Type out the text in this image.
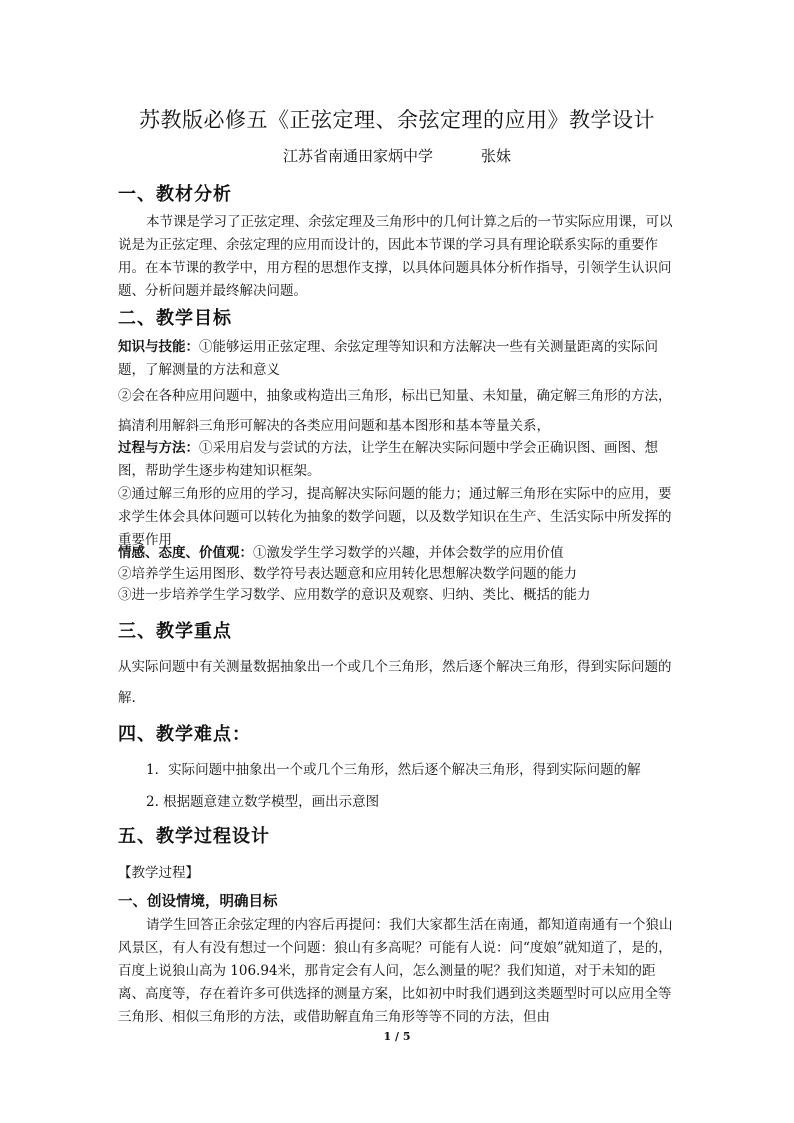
苏教版必修五《正弦定理、余弦定理的应用》教学设计
江苏省南通田家炳中学	张妹
一、教材分析

本节课是学习了正弦定理、余弦定理及三角形中的几何计算之后的一节实际应用课，可以说是为正弦定理、余弦定理的应用而设计的，因此本节课的学习具有理论联系实际的重要作用。在本节课的教学中，用方程的思想作支撑，以具体问题具体分析作指导，引领学生认识问题、分析问题并最终解决问题。

二、教学目标

知识与技能：①能够运用正弦定理、余弦定理等知识和方法解决一些有关测量距离的实际问题，了解测量的方法和意义

②会在各种应用问题中，抽象或构造出三角形，标出已知量、未知量，确定解三角形的方法，搞清利用解斜三角形可解决的各类应用问题和基本图形和基本等量关系，

过程与方法：①采用启发与尝试的方法，让学生在解决实际问题中学会正确识图、画图、想图，帮助学生逐步构建知识框架。

②通过解三角形的应用的学习，提高解决实际问题的能力；通过解三角形在实际中的应用，要求学生体会具体问题可以转化为抽象的数学问题，以及数学知识在生产、生活实际中所发挥的重要作用

情感、态度、价值观：①激发学生学习数学的兴趣，并体会数学的应用价值

②培养学生运用图形、数学符号表达题意和应用转化思想解决数学问题的能力

③进一步培养学生学习数学、应用数学的意识及观察、归纳、类比、概括的能力

三、教学重点

从实际问题中有关测量数据抽象出一个或几个三角形，然后逐个解决三角形，得到实际问题的解.

四、教学难点：
1．实际问题中抽象出一个或几个三角形，然后逐个解决三角形，得到实际问题的解
2. 根据题意建立数学模型，画出示意图
五、教学过程设计
【教学过程】
一、创设情境，明确目标

请学生回答正余弦定理的内容后再提问：我们大家都生活在南通，都知道南通有一个狼山风景区，有人有没有想过一个问题：狼山有多高呢？可能有人说：问“度娘”就知道了，是的，百度上说狼山高为 106.94米，那肯定会有人问，怎么测量的呢？我们知道，对于未知的距离、高度等，存在着许多可供选择的测量方案，比如初中时我们遇到这类题型时可以应用全等三角形、相似三角形的方法，或借助解直角三角形等等不同的方法，但由

1 / 5
